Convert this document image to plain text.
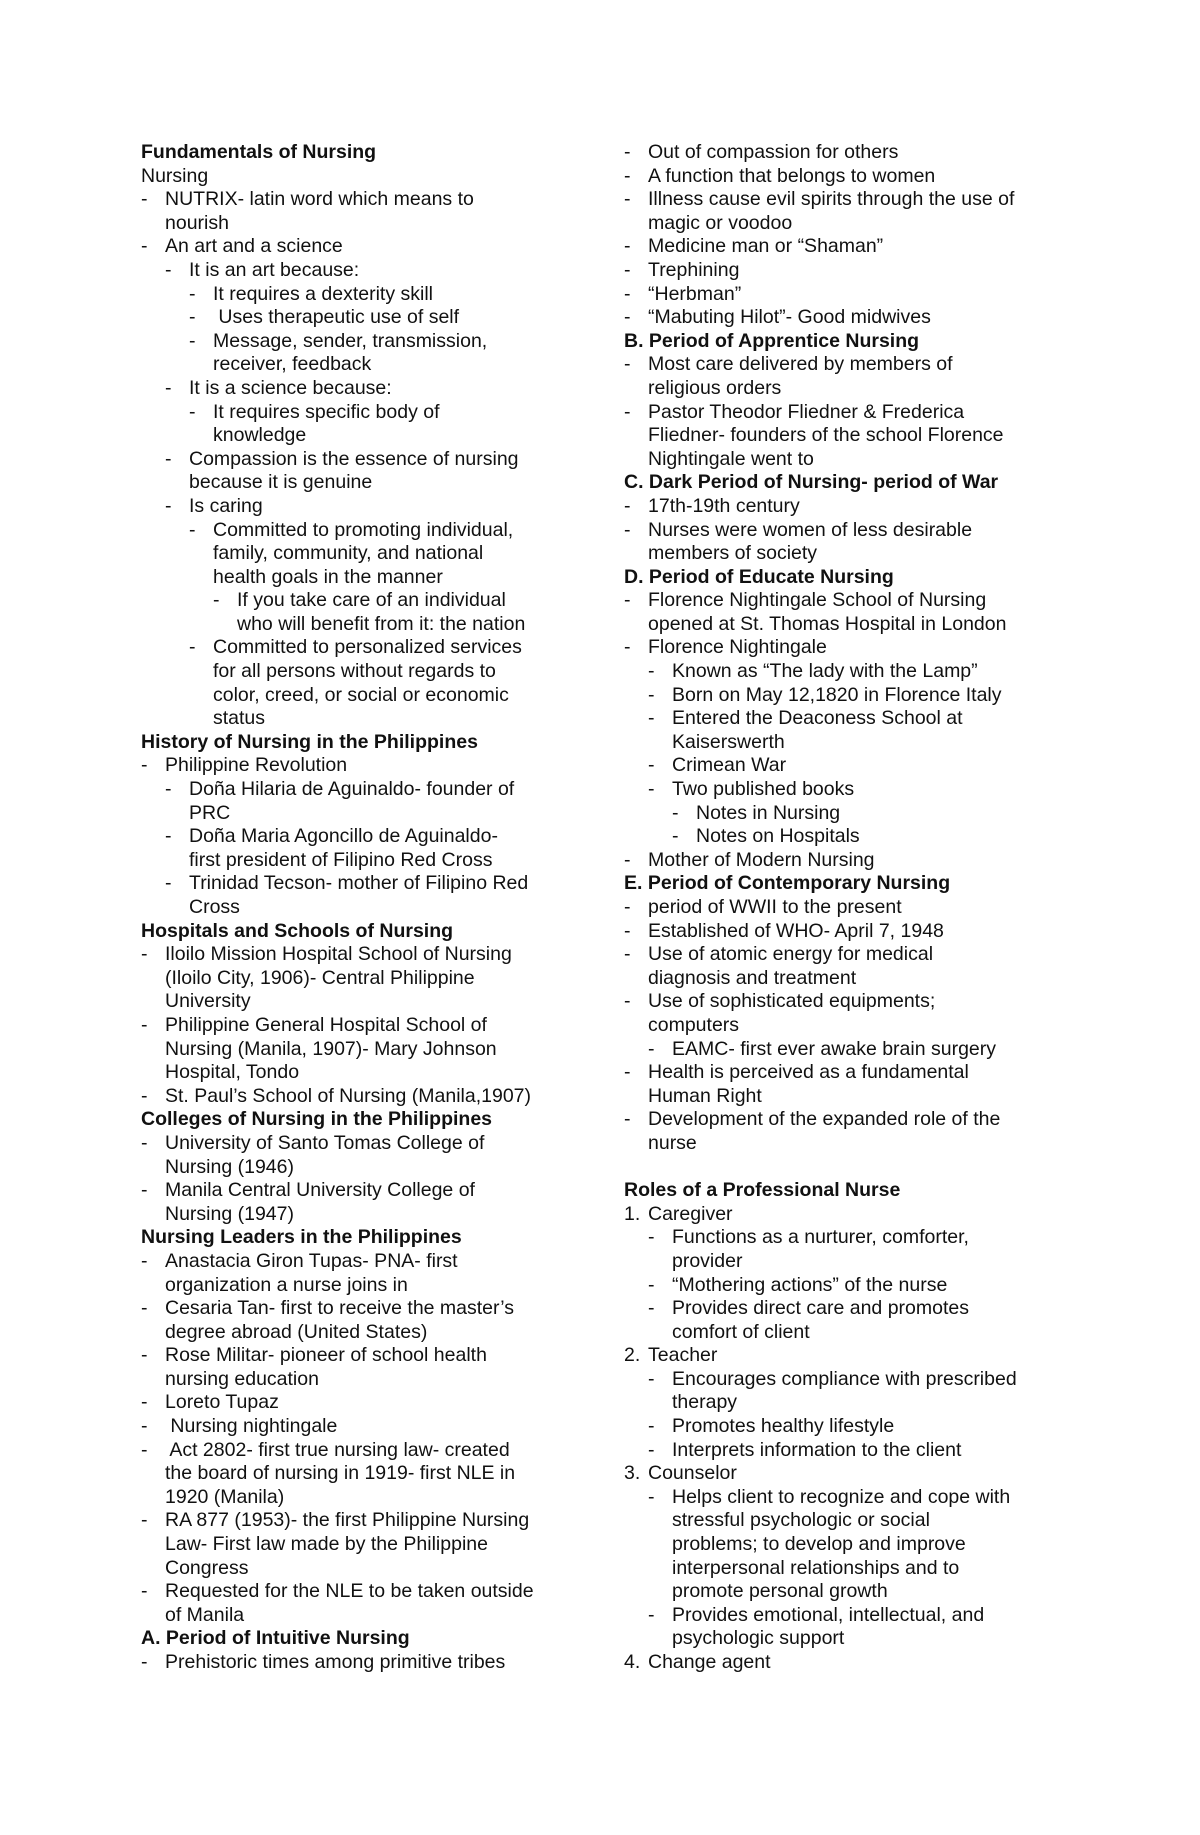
Fundamentals of Nursing
Nursing
- NUTRIX- latin word which means to
nourish
- An art and a science
- It is an art because:
- It requires a dexterity skill
- Uses therapeutic use of self
- Message, sender, transmission,
receiver, feedback
- It is a science because:
- It requires specific body of
knowledge
- Compassion is the essence of nursing
because it is genuine
- Is caring
- Committed to promoting individual,
family, community, and national
health goals in the manner
- If you take care of an individual
who will benefit from it: the nation
- Committed to personalized services
for all persons without regards to
color, creed, or social or economic
status
History of Nursing in the Philippines
- Philippine Revolution
- Doña Hilaria de Aguinaldo- founder of
PRC
- Doña Maria Agoncillo de Aguinaldo-
first president of Filipino Red Cross
- Trinidad Tecson- mother of Filipino Red
Cross
Hospitals and Schools of Nursing
- Iloilo Mission Hospital School of Nursing
(Iloilo City, 1906)- Central Philippine
University
- Philippine General Hospital School of
Nursing (Manila, 1907)- Mary Johnson
Hospital, Tondo
- St. Paul’s School of Nursing (Manila,1907)
Colleges of Nursing in the Philippines
- University of Santo Tomas College of
Nursing (1946)
- Manila Central University College of
Nursing (1947)
Nursing Leaders in the Philippines
- Anastacia Giron Tupas- PNA- first
organization a nurse joins in
- Cesaria Tan- first to receive the master’s
degree abroad (United States)
- Rose Militar- pioneer of school health
nursing education
- Loreto Tupaz
- Nursing nightingale
- Act 2802- first true nursing law- created
the board of nursing in 1919- first NLE in
1920 (Manila)
- RA 877 (1953)- the first Philippine Nursing
Law- First law made by the Philippine
Congress
- Requested for the NLE to be taken outside
of Manila
A. Period of Intuitive Nursing
- Prehistoric times among primitive tribes
- Out of compassion for others
- A function that belongs to women
- Illness cause evil spirits through the use of
magic or voodoo
- Medicine man or “Shaman”
- Trephining
- “Herbman”
- “Mabuting Hilot”- Good midwives
B. Period of Apprentice Nursing
- Most care delivered by members of
religious orders
- Pastor Theodor Fliedner & Frederica
Fliedner- founders of the school Florence
Nightingale went to
C. Dark Period of Nursing- period of War
- 17th-19th century
- Nurses were women of less desirable
members of society
D. Period of Educate Nursing
- Florence Nightingale School of Nursing
opened at St. Thomas Hospital in London
- Florence Nightingale
- Known as “The lady with the Lamp”
- Born on May 12,1820 in Florence Italy
- Entered the Deaconess School at
Kaiserswerth
- Crimean War
- Two published books
- Notes in Nursing
- Notes on Hospitals
- Mother of Modern Nursing
E. Period of Contemporary Nursing
- period of WWII to the present
- Established of WHO- April 7, 1948
- Use of atomic energy for medical
diagnosis and treatment
- Use of sophisticated equipments;
computers
- EAMC- first ever awake brain surgery
- Health is perceived as a fundamental
Human Right
- Development of the expanded role of the
nurse
Roles of a Professional Nurse
1. Caregiver
- Functions as a nurturer, comforter,
provider
- “Mothering actions” of the nurse
- Provides direct care and promotes
comfort of client
2. Teacher
- Encourages compliance with prescribed
therapy
- Promotes healthy lifestyle
- Interprets information to the client
3. Counselor
- Helps client to recognize and cope with
stressful psychologic or social
problems; to develop and improve
interpersonal relationships and to
promote personal growth
- Provides emotional, intellectual, and
psychologic support
4. Change agent
